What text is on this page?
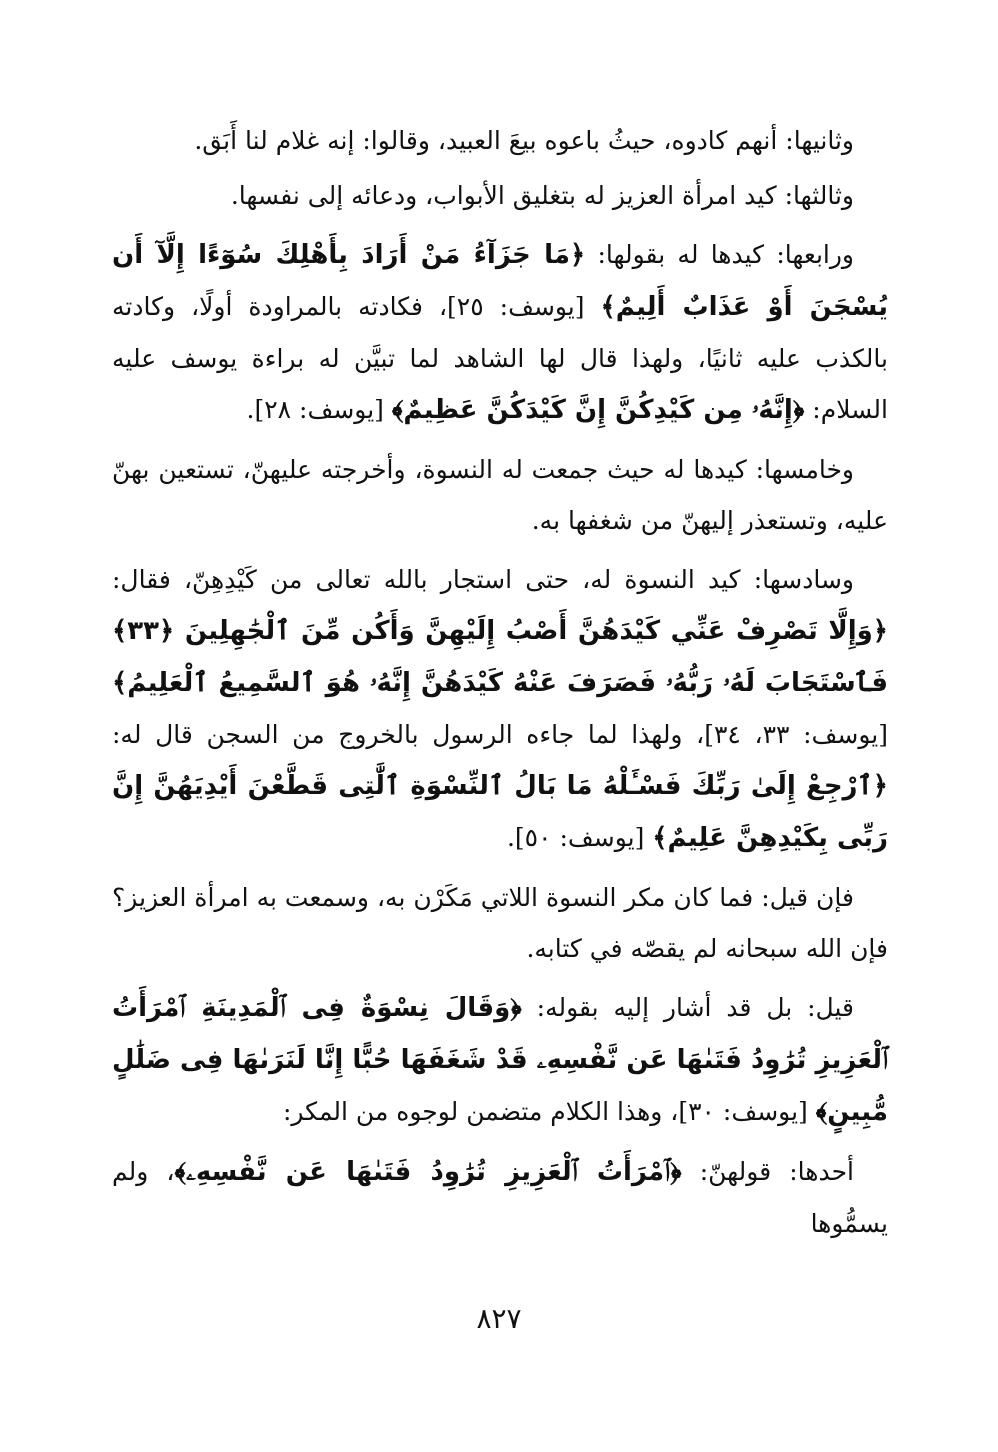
وثانيها: أنهم كادوه، حيثُ باعوه بيعَ العبيد، وقالوا: إنه غلام لنا أَبَق.

وثالثها: كيد امرأة العزيز له بتغليق الأبواب، ودعائه إلى نفسها.

ورابعها: كيدها له بقولها: ﴿مَا جَزَآءُ مَنْ أَرَادَ بِأَهْلِكَ سُوٓءًا إِلَّآ أَن يُسْجَنَ أَوْ عَذَابٌ أَلِيمٌ﴾ [يوسف: ٢٥]، فكادته بالمراودة أولًا، وكادته بالكذب عليه ثانيًا، ولهذا قال لها الشاهد لما تبيَّن له براءة يوسف عليه السلام: ﴿إِنَّهُۥ مِن كَيْدِكُنَّ إِنَّ كَيْدَكُنَّ عَظِيمٌ﴾ [يوسف: ٢٨].

وخامسها: كيدها له حيث جمعت له النسوة، وأخرجته عليهنّ، تستعين بهنّ عليه، وتستعذر إليهنّ من شغفها به.

وسادسها: كيد النسوة له، حتى استجار بالله تعالى من كَيْدِهِنّ، فقال: ﴿وَإِلَّا تَصْرِفْ عَنِّي كَيْدَهُنَّ أَصْبُ إِلَيْهِنَّ وَأَكُن مِّنَ ٱلْجَٰهِلِينَ ﴿٣٣﴾ فَٱسْتَجَابَ لَهُۥ رَبُّهُۥ فَصَرَفَ عَنْهُ كَيْدَهُنَّ إِنَّهُۥ هُوَ ٱلسَّمِيعُ ٱلْعَلِيمُ﴾ [يوسف: ٣٣، ٣٤]، ولهذا لما جاءه الرسول بالخروج من السجن قال له: ﴿ٱرْجِعْ إِلَىٰ رَبِّكَ فَسْـَٔلْهُ مَا بَالُ ٱلنِّسْوَةِ ٱلَّٰتِى قَطَّعْنَ أَيْدِيَهُنَّ إِنَّ رَبِّى بِكَيْدِهِنَّ عَلِيمٌ﴾ [يوسف: ٥٠].

فإن قيل: فما كان مكر النسوة اللاتي مَكَرْن به، وسمعت به امرأة العزيز؟ فإن الله سبحانه لم يقصّه في كتابه.

قيل: بل قد أشار إليه بقوله: ﴿وَقَالَ نِسْوَةٌ فِى ٱلْمَدِينَةِ ٱمْرَأَتُ ٱلْعَزِيزِ تُرَٰوِدُ فَتَىٰهَا عَن نَّفْسِهِۦ قَدْ شَغَفَهَا حُبًّا إِنَّا لَنَرَىٰهَا فِى ضَلَٰلٍ مُّبِينٍ﴾ [يوسف: ٣٠]، وهذا الكلام متضمن لوجوه من المكر:

أحدها: قولهنّ: ﴿ٱمْرَأَتُ ٱلْعَزِيزِ تُرَٰوِدُ فَتَىٰهَا عَن نَّفْسِهِۦ﴾، ولم يسمُّوها

٨٢٧
